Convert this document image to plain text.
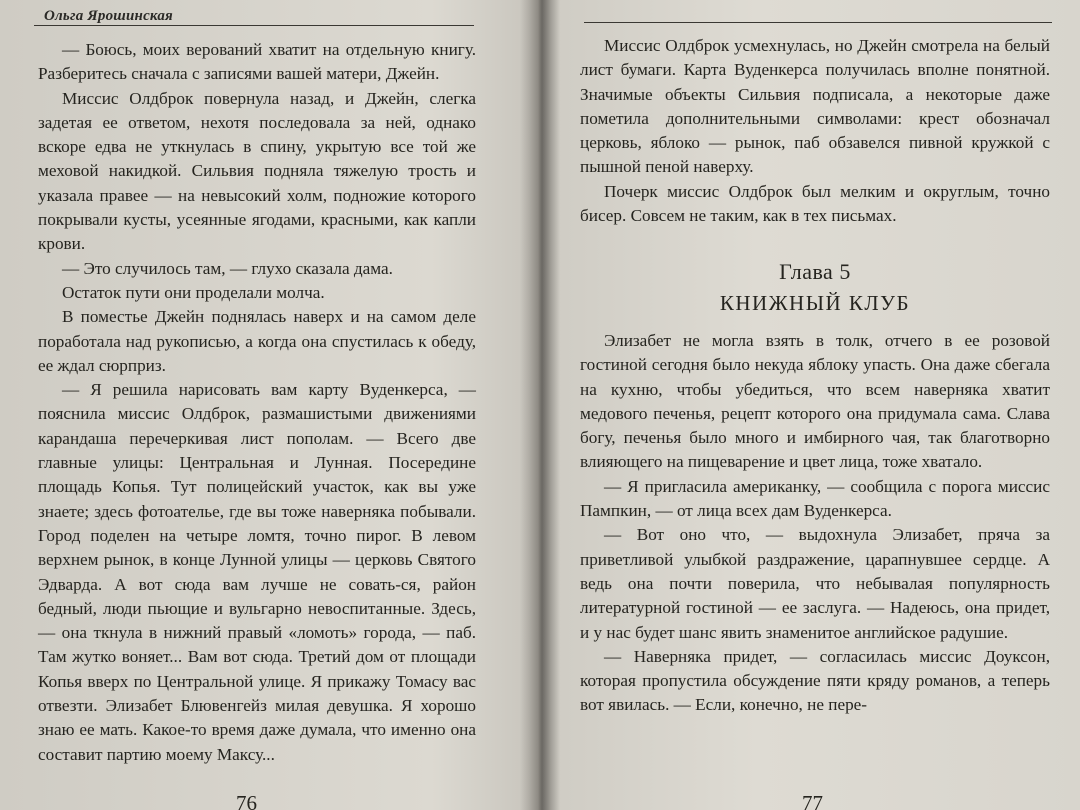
Ольга Ярошинская

— Боюсь, моих верований хватит на отдельную книгу. Разберитесь сначала с записями вашей матери, Джейн.

Миссис Олдброк повернула назад, и Джейн, слегка задетая ее ответом, нехотя последовала за ней, однако вскоре едва не уткнулась в спину, укрытую все той же меховой накидкой. Сильвия подняла тяжелую трость и указала правее — на невысокий холм, подножие которого покрывали кусты, усеянные ягодами, красными, как капли крови.

— Это случилось там, — глухо сказала дама.

Остаток пути они проделали молча.

В поместье Джейн поднялась наверх и на самом деле поработала над рукописью, а когда она спустилась к обеду, ее ждал сюрприз.

— Я решила нарисовать вам карту Вуденкерса, — пояснила миссис Олдброк, размашистыми движениями карандаша перечеркивая лист пополам. — Всего две главные улицы: Центральная и Лунная. Посередине площадь Копья. Тут полицейский участок, как вы уже знаете; здесь фотоателье, где вы тоже наверняка побывали. Город поделен на четыре ломтя, точно пирог. В левом верхнем рынок, в конце Лунной улицы — церковь Святого Эдварда. А вот сюда вам лучше не совать-ся, район бедный, люди пьющие и вульгарно невоспитанные. Здесь, — она ткнула в нижний правый «ломоть» города, — паб. Там жутко воняет... Вам вот сюда. Третий дом от площади Копья вверх по Центральной улице. Я прикажу Томасу вас отвезти. Элизабет Блювенгейз милая девушка. Я хорошо знаю ее мать. Какое-то время даже думала, что именно она составит партию моему Максу...

76

Миссис Олдброк усмехнулась, но Джейн смотрела на белый лист бумаги. Карта Вуденкерса получилась вполне понятной. Значимые объекты Сильвия подписала, а некоторые даже пометила дополнительными символами: крест обозначал церковь, яблоко — рынок, паб обзавелся пивной кружкой с пышной пеной наверху.

Почерк миссис Олдброк был мелким и округлым, точно бисер. Совсем не таким, как в тех письмах.

Глава 5
КНИЖНЫЙ КЛУБ

Элизабет не могла взять в толк, отчего в ее розовой гостиной сегодня было некуда яблоку упасть. Она даже сбегала на кухню, чтобы убедиться, что всем наверняка хватит медового печенья, рецепт которого она придумала сама. Слава богу, печенья было много и имбирного чая, так благотворно влияющего на пищеварение и цвет лица, тоже хватало.

— Я пригласила американку, — сообщила с порога миссис Пампкин, — от лица всех дам Вуденкерса.

— Вот оно что, — выдохнула Элизабет, пряча за приветливой улыбкой раздражение, царапнувшее сердце. А ведь она почти поверила, что небывалая популярность литературной гостиной — ее заслуга. — Надеюсь, она придет, и у нас будет шанс явить знаменитое английское радушие.

— Наверняка придет, — согласилась миссис Доуксон, которая пропустила обсуждение пяти кряду романов, а теперь вот явилась. — Если, конечно, не пере-

77
